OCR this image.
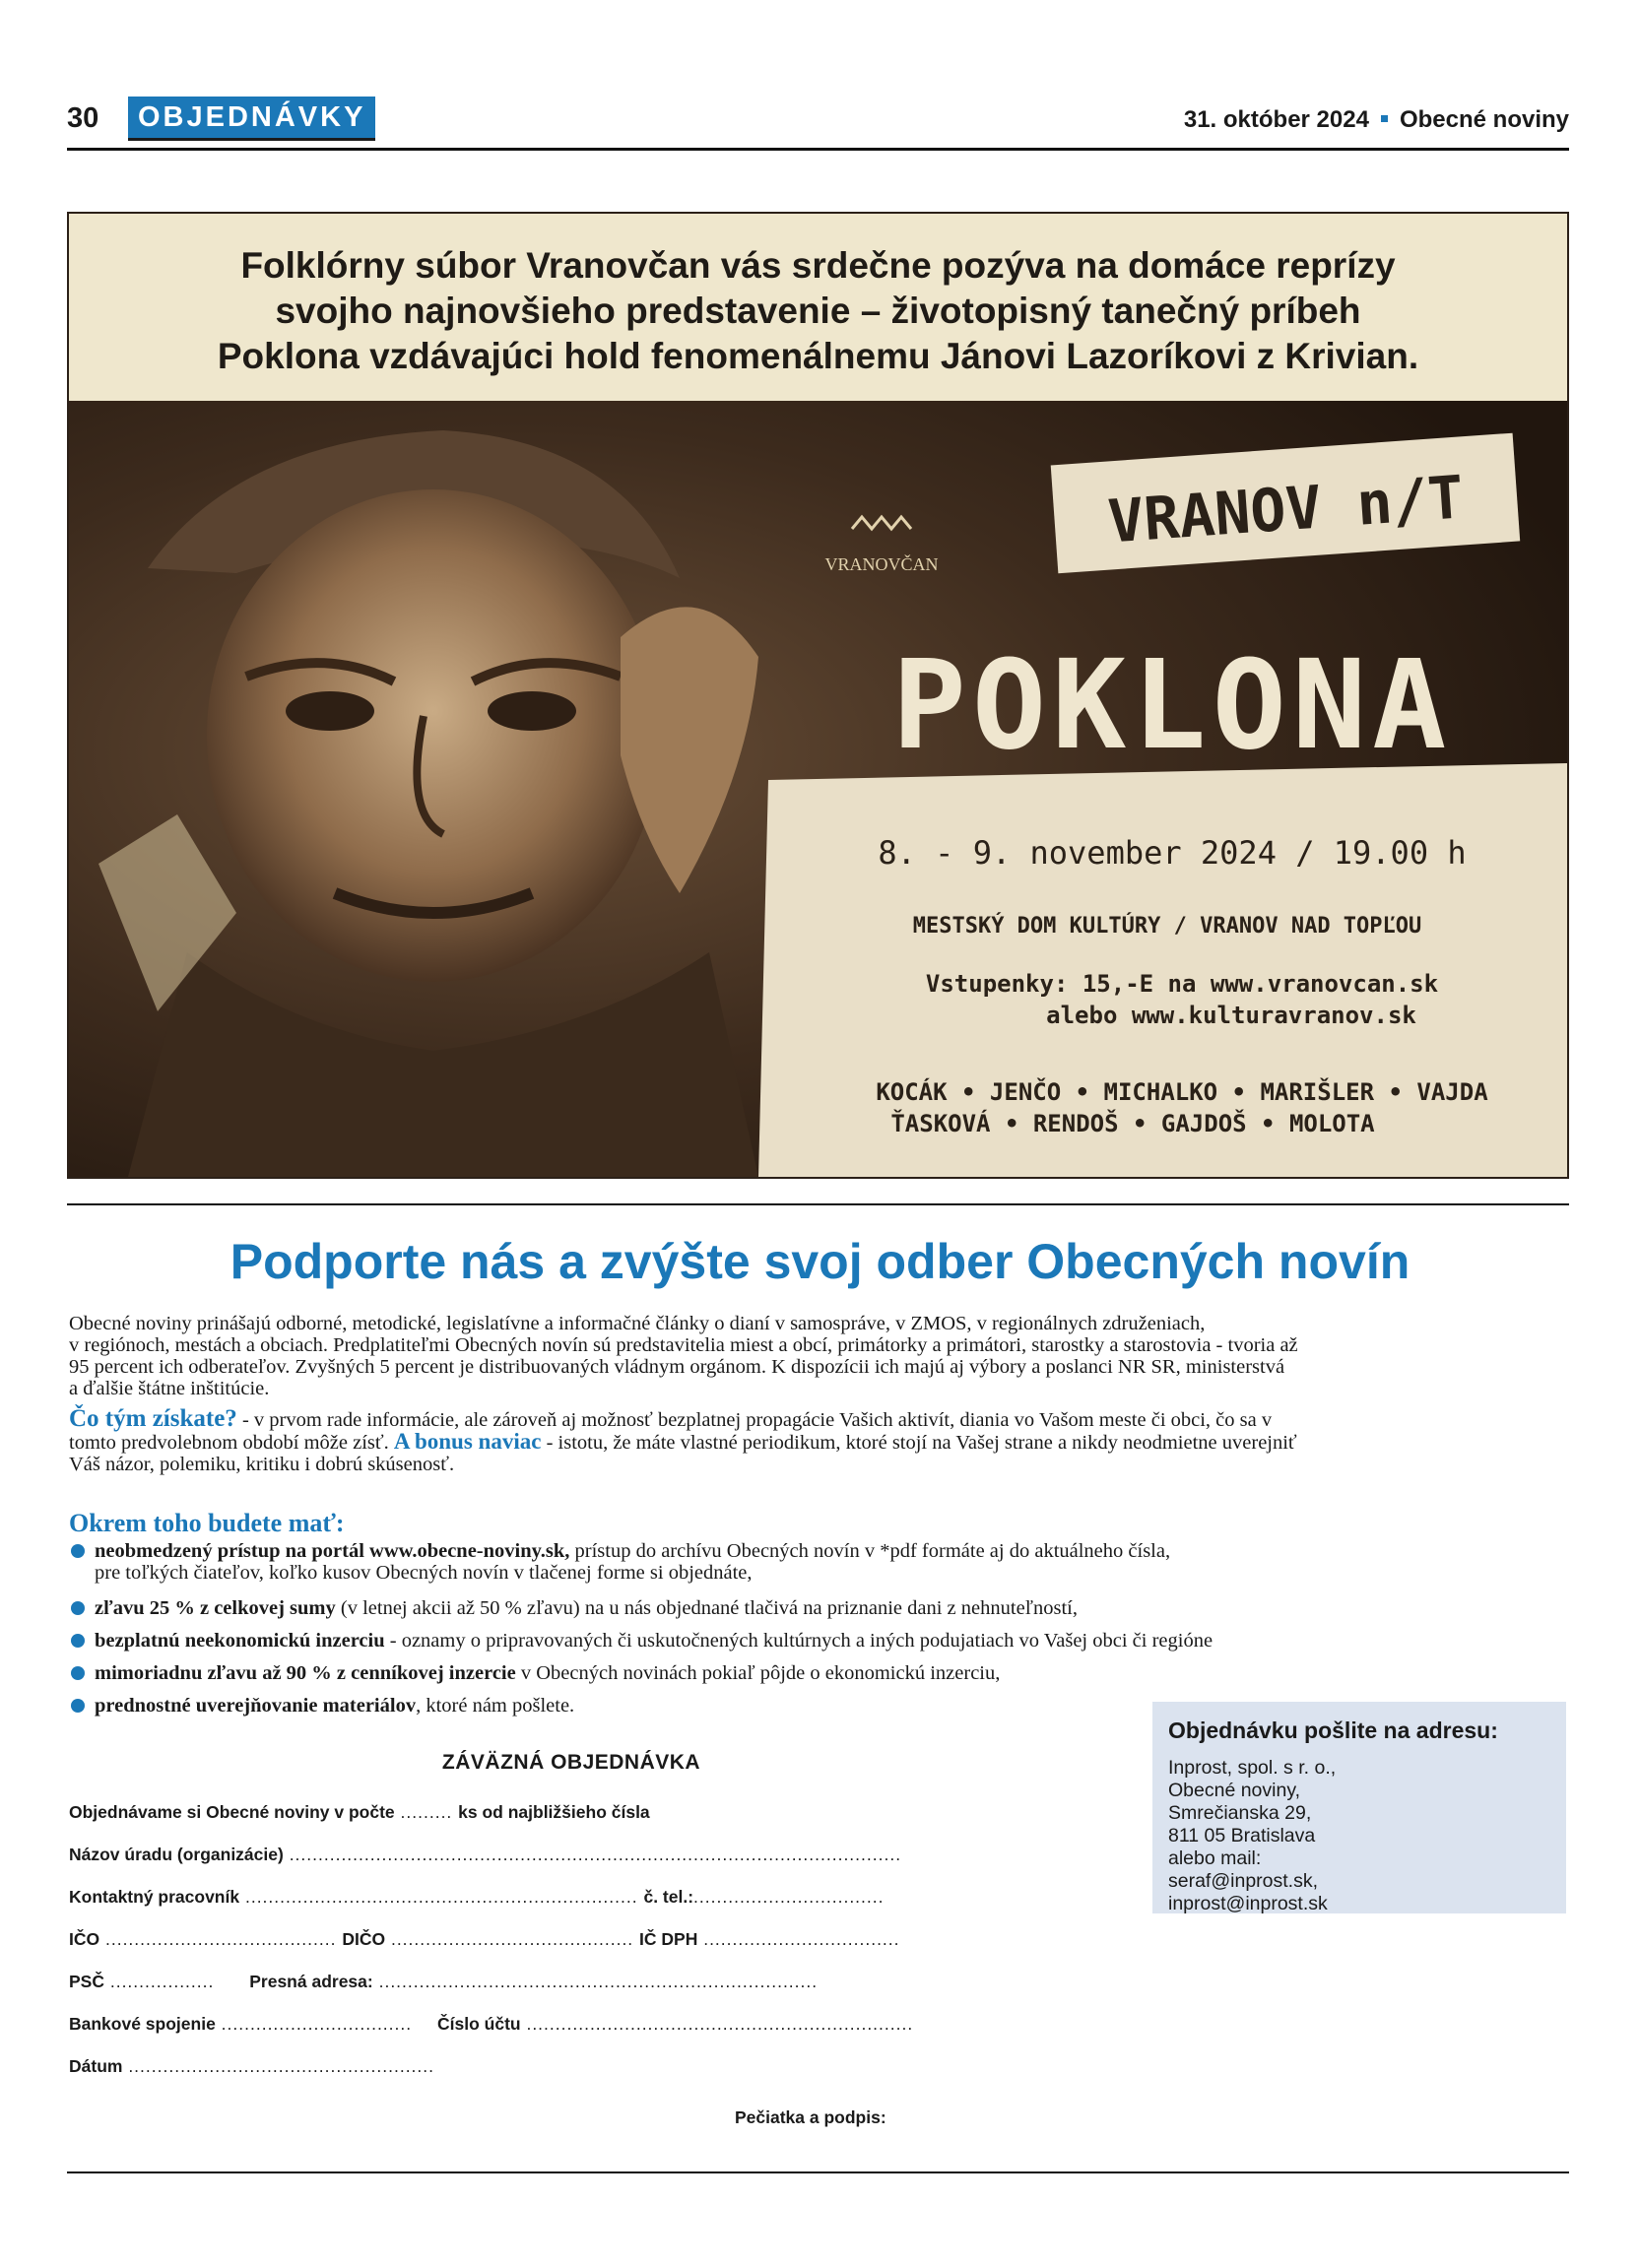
30	OBJEDNÁVKY	31. október 2024 Obecné noviny
Folklórny súbor Vranovčan vás srdečne pozýva na domáce reprízy
svojho najnovšieho predstavenie – životopisný tanečný príbeh
Poklona vzdávajúci hold fenomenálnemu Jánovi Lazoríkovi z Krivian.
VRANOVČAN
VRANOV n/T
POKLONA
8. - 9. november 2024 / 19.00 h
MESTSKÝ DOM KULTÚRY / VRANOV NAD TOPĽOU
Vstupenky: 15,-E na www.vranovcan.sk
alebo www.kulturavranov.sk
KOCÁK • JENČO • MICHALKO • MARIŠLER • VAJDA
ŤASKOVÁ • RENDOŠ • GAJDOŠ • MOLOTA
Podporte nás a zvýšte svoj odber Obecných novín
Obecné noviny prinášajú odborné, metodické, legislatívne a informačné články o dianí v samospráve, v ZMOS, v regionálnych združeniach,
v regiónoch, mestách a obciach. Predplatiteľmi Obecných novín sú predstavitelia miest a obcí, primátorky a primátori, starostky a starostovia - tvoria až
95 percent ich odberateľov. Zvyšných 5 percent je distribuovaných vládnym orgánom. K dispozícii ich majú aj výbory a poslanci NR SR, ministerstvá
a ďalšie štátne inštitúcie.
Čo tým získate? - v prvom rade informácie, ale zároveň aj možnosť bezplatnej propagácie Vašich aktivít, diania vo Vašom meste či obci, čo sa v
tomto predvolebnom období môže zísť. A bonus naviac - istotu, že máte vlastné periodikum, ktoré stojí na Vašej strane a nikdy neodmietne uverejniť
Váš názor, polemiku, kritiku i dobrú skúsenosť.
Okrem toho budete mať:
neobmedzený prístup na portál www.obecne-noviny.sk, prístup do archívu Obecných novín v *pdf formáte aj do aktuálneho čísla,
pre toľkých čiateľov, koľko kusov Obecných novín v tlačenej forme si objednáte,
zľavu 25 % z celkovej sumy (v letnej akcii až 50 % zľavu) na u nás objednané tlačivá na priznanie dani z nehnuteľností,
bezplatnú neekonomickú inzerciu - oznamy o pripravovaných či uskutočnených kultúrnych a iných podujatiach vo Vašej obci či regióne
mimoriadnu zľavu až 90 % z cenníkovej inzercie v Obecných novinách pokiaľ pôjde o ekonomickú inzerciu,
prednostné uverejňovanie materiálov, ktoré nám pošlete.
Objednávku pošlite na adresu:
Inprost, spol. s r. o.,
Obecné noviny,
Smrečianska 29,
811 05 Bratislava
alebo mail:
seraf@inprost.sk,
inprost@inprost.sk
ZÁVÄZNÁ OBJEDNÁVKA
Objednávame si Obecné noviny v počte ......... ks od najbližšieho čísla
Názov úradu (organizácie) ..........................................................................................................
Kontaktný pracovník .................................................................... č. tel.:.................................
IČO ........................................ DIČO .......................................... IČ DPH ..................................
PSČ .................. Presná adresa: ............................................................................
Bankové spojenie ................................. Číslo účtu ...................................................................
Dátum .....................................................
Pečiatka a podpis:
